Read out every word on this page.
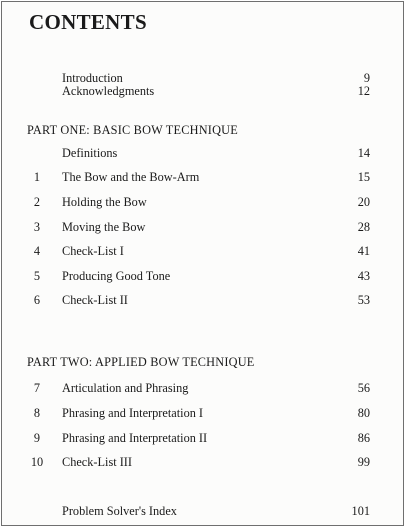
CONTENTS
Introduction	9
Acknowledgments	12
PART ONE: BASIC BOW TECHNIQUE
Definitions	14
1	The Bow and the Bow-Arm	15
2	Holding the Bow	20
3	Moving the Bow	28
4	Check-List I	41
5	Producing Good Tone	43
6	Check-List II	53
PART TWO: APPLIED BOW TECHNIQUE
7	Articulation and Phrasing	56
8	Phrasing and Interpretation I	80
9	Phrasing and Interpretation II	86
10	Check-List III	99
Problem Solver's Index	101
